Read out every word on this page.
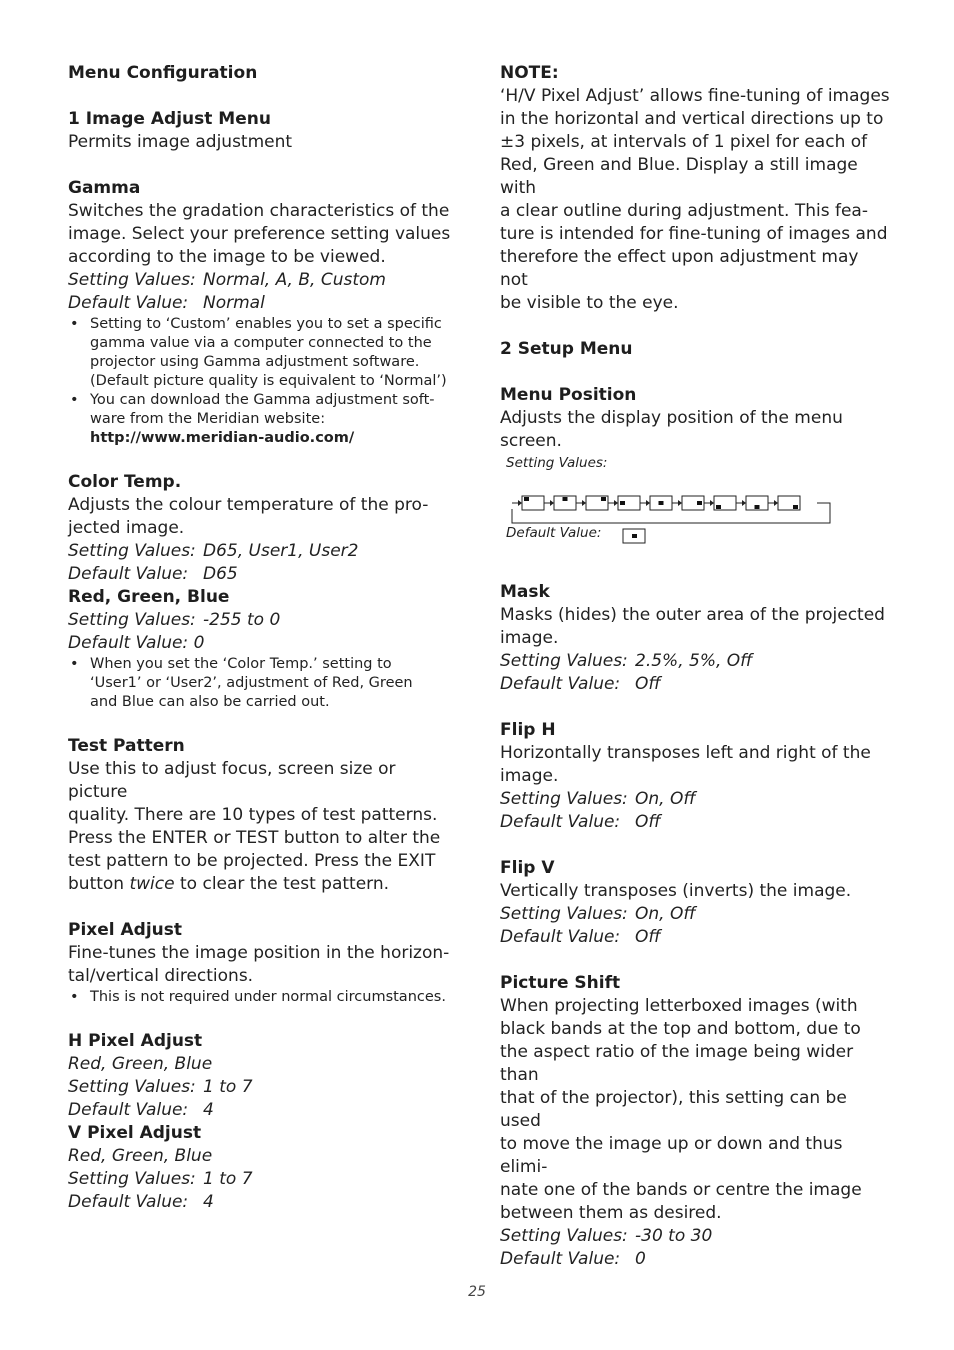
Menu Configuration

1 Image Adjust Menu

Permits image adjustment

Gamma

Switches the gradation characteristics of the
image. Select your preference setting values
according to the image to be viewed.

Setting Values: Normal, A, B, Custom
Default Value: Normal
• Setting to ‘Custom’ enables you to set a specific
gamma value via a computer connected to the
projector using Gamma adjustment software.
(Default picture quality is equivalent to ‘Normal’)
• You can download the Gamma adjustment soft-
ware from the Meridian website:
http://www.meridian-audio.com/

Color Temp.

Adjusts the colour temperature of the pro-
jected image.

Setting Values: D65, User1, User2
Default Value: D65

Red, Green, Blue

Setting Values: -255 to 0

Default Value: 0

• When you set the ‘Color Temp.’ setting to
‘User1’ or ‘User2’, adjustment of Red, Green
and Blue can also be carried out.

Test Pattern

Use this to adjust focus, screen size or picture
quality. There are 10 types of test patterns.
Press the ENTER or TEST button to alter the
test pattern to be projected. Press the EXIT
button twice to clear the test pattern.

Pixel Adjust

Fine-tunes the image position in the horizon-
tal/vertical directions.

• This is not required under normal circumstances.

H Pixel Adjust

Red, Green, Blue

Setting Values: 1 to 7
Default Value: 4

V Pixel Adjust

Red, Green, Blue

Setting Values: 1 to 7
Default Value: 4

NOTE:

‘H/V Pixel Adjust’ allows fine-tuning of images
in the horizontal and vertical directions up to
±3 pixels, at intervals of 1 pixel for each of
Red, Green and Blue. Display a still image with
a clear outline during adjustment. This fea-
ture is intended for fine-tuning of images and
therefore the effect upon adjustment may not
be visible to the eye.

2 Setup Menu

Menu Position

Adjusts the display position of the menu
screen.

Setting Values:
Default Value:

Mask

Masks (hides) the outer area of the projected
image.

Setting Values: 2.5%, 5%, Off
Default Value: Off

Flip H

Horizontally transposes left and right of the
image.

Setting Values: On, Off
Default Value: Off

Flip V

Vertically transposes (inverts) the image.

Setting Values: On, Off
Default Value: Off

Picture Shift

When projecting letterboxed images (with
black bands at the top and bottom, due to
the aspect ratio of the image being wider than
that of the projector), this setting can be used
to move the image up or down and thus elimi-
nate one of the bands or centre the image
between them as desired.

Setting Values: -30 to 30
Default Value: 0
25
